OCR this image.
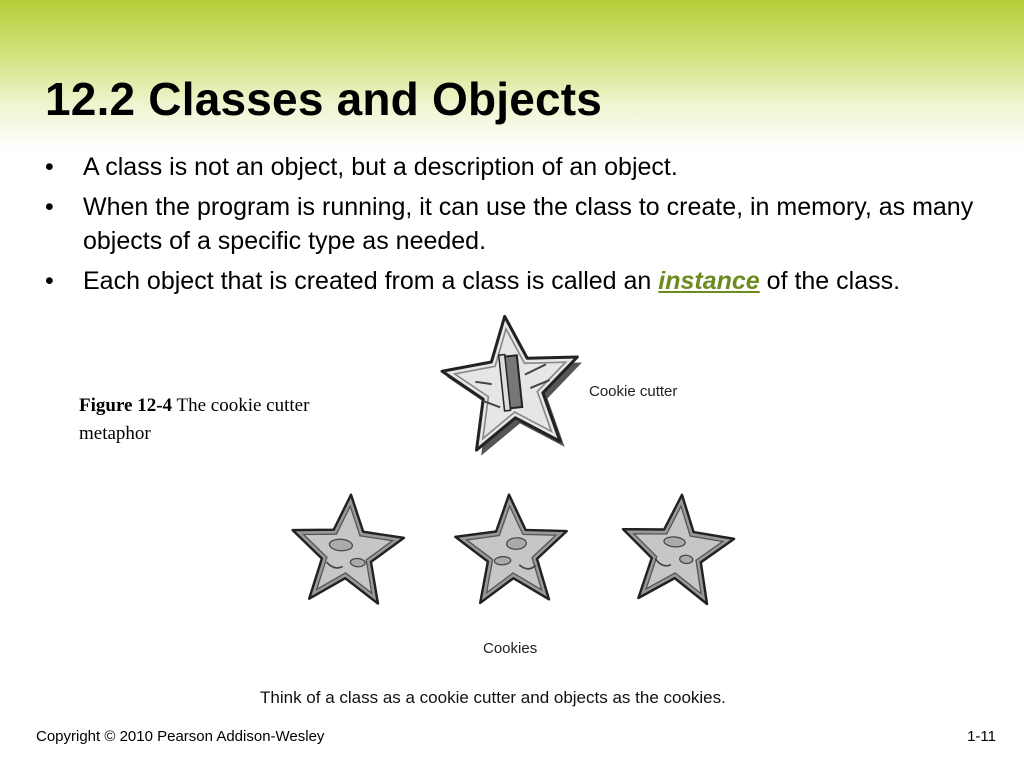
12.2 Classes and Objects
• A class is not an object, but a description of an object.
• When the program is running, it can use the class to create, in memory, as many objects of a specific type as needed.
• Each object that is created from a class is called an instance of the class.
Figure 12-4 The cookie cutter metaphor
Cookie cutter
Cookies
Think of a class as a cookie cutter and objects as the cookies.
Copyright © 2010 Pearson Addison-Wesley	1-11
